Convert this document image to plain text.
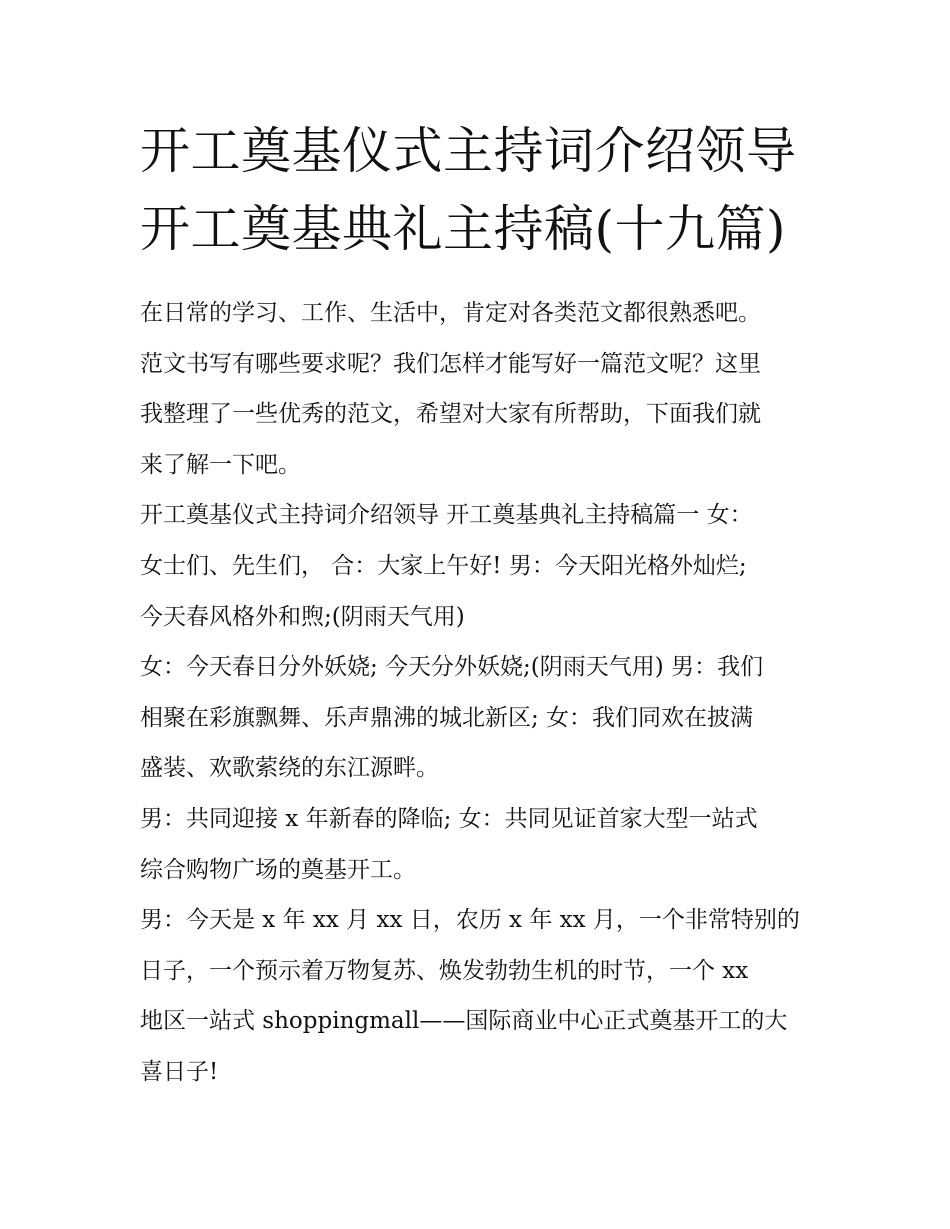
开工奠基仪式主持词介绍领导
开工奠基典礼主持稿(十九篇)

在日常的学习、工作、生活中，肯定对各类范文都很熟悉吧。
范文书写有哪些要求呢？我们怎样才能写好一篇范文呢？这里
我整理了一些优秀的范文，希望对大家有所帮助，下面我们就
来了解一下吧。

开工奠基仪式主持词介绍领导 开工奠基典礼主持稿篇一 女：
女士们、先生们， 合：大家上午好! 男：今天阳光格外灿烂;
今天春风格外和煦;(阴雨天气用)

女：今天春日分外妖娆; 今天分外妖娆;(阴雨天气用) 男：我们
相聚在彩旗飘舞、乐声鼎沸的城北新区; 女：我们同欢在披满
盛装、欢歌萦绕的东江源畔。

男：共同迎接 x 年新春的降临; 女：共同见证首家大型一站式
综合购物广场的奠基开工。

男：今天是 x 年 xx 月 xx 日，农历 x 年 xx 月，一个非常特别的
日子，一个预示着万物复苏、焕发勃勃生机的时节，一个 xx
地区一站式 shoppingmall——国际商业中心正式奠基开工的大
喜日子!
